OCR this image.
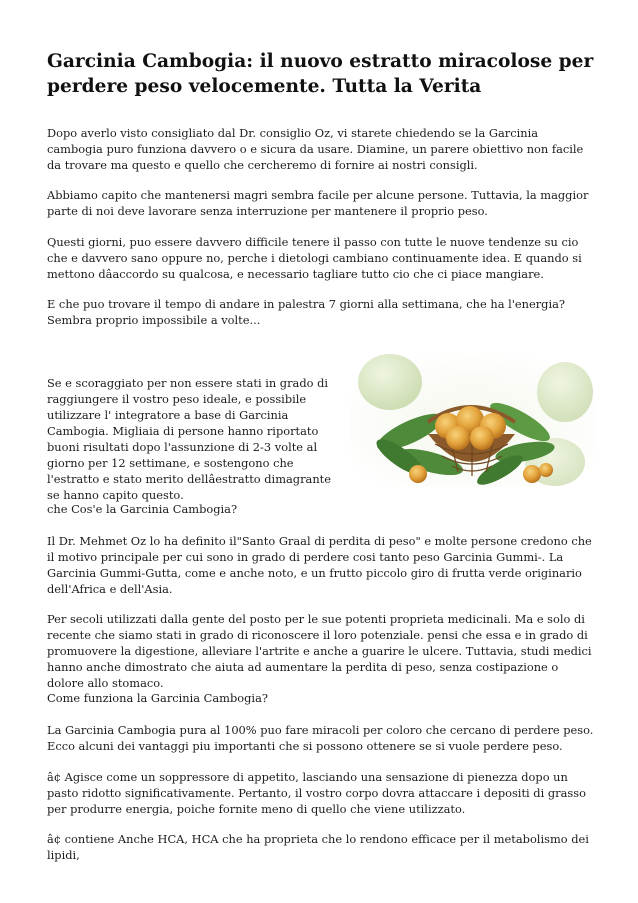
Garcinia Cambogia: il nuovo estratto miracolose per perdere peso velocemente. Tutta la Verita

Dopo averlo visto consigliato dal Dr. consiglio Oz, vi starete chiedendo se la Garcinia cambogia puro funziona davvero o e sicura da usare. Diamine, un parere obiettivo non facile da trovare ma questo e quello che cercheremo di fornire ai nostri consigli.

Abbiamo capito che mantenersi magri sembra facile per alcune persone. Tuttavia, la maggior parte di noi deve lavorare senza interruzione per mantenere il proprio peso.

Questi giorni, puo essere davvero difficile tenere il passo con tutte le nuove tendenze su cio che e davvero sano oppure no, perche i dietologi cambiano continuamente idea. E quando si mettono dâaccordo su qualcosa, e necessario tagliare tutto cio che ci piace mangiare.

E che puo trovare il tempo di andare in palestra 7 giorni alla settimana, che ha l'energia? Sembra proprio impossibile a volte...

Se e scoraggiato per non essere stati in grado di raggiungere il vostro peso ideale, e possibile utilizzare l' integratore a base di Garcinia Cambogia. Migliaia di persone hanno riportato buoni risultati dopo l'assunzione di 2-3 volte al giorno per 12 settimane, e sostengono che l'estratto e stato merito dellâestratto dimagrante se hanno capito questo.

che Cos'e la Garcinia Cambogia?

Il Dr. Mehmet Oz lo ha definito il"Santo Graal di perdita di peso" e molte persone credono che il motivo principale per cui sono in grado di perdere cosi tanto peso Garcinia Gummi-. La Garcinia Gummi-Gutta, come e anche noto, e un frutto piccolo giro di frutta verde originario dell'Africa e dell'Asia.

Per secoli utilizzati dalla gente del posto per le sue potenti proprieta medicinali. Ma e solo di recente che siamo stati in grado di riconoscere il loro potenziale. pensi che essa e in grado di promuovere la digestione, alleviare l'artrite e anche a guarire le ulcere. Tuttavia, studi medici hanno anche dimostrato che aiuta ad aumentare la perdita di peso, senza costipazione o dolore allo stomaco.

Come funziona la Garcinia Cambogia?

La Garcinia Cambogia pura al 100% puo fare miracoli per coloro che cercano di perdere peso. Ecco alcuni dei vantaggi piu importanti che si possono ottenere se si vuole perdere peso.

â¢ Agisce come un soppressore di appetito, lasciando una sensazione di pienezza dopo un pasto ridotto significativamente. Pertanto, il vostro corpo dovra attaccare i depositi di grasso per produrre energia, poiche fornite meno di quello che viene utilizzato.

â¢ contiene Anche HCA, HCA che ha proprieta che lo rendono efficace per il metabolismo dei lipidi,
